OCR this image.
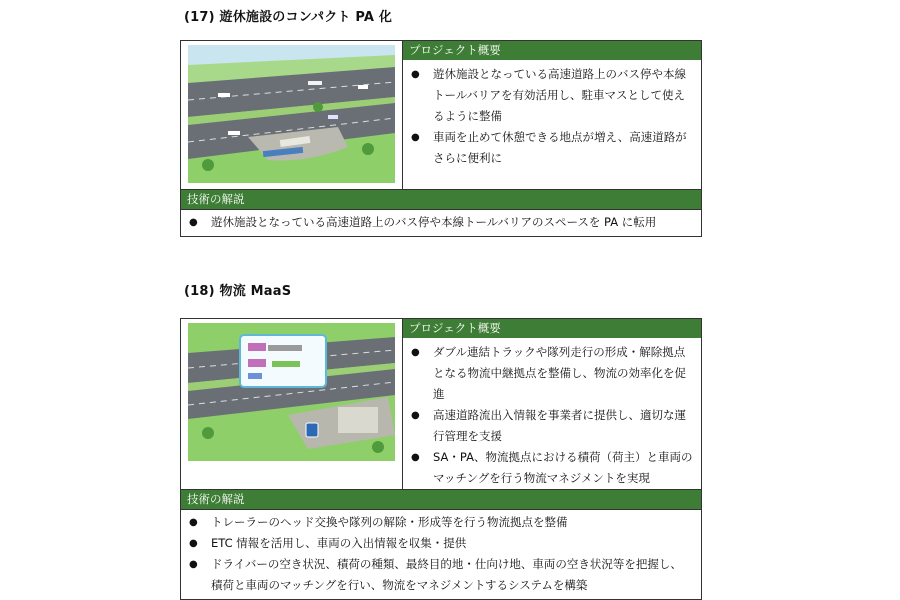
(17) 遊休施設のコンパクト PA 化
プロジェクト概要
● 遊休施設となっている高速道路上のバス停や本線トールバリアを有効活用し、駐車マスとして使えるように整備
● 車両を止めて休憩できる地点が増え、高速道路がさらに便利に
技術の解説
● 遊休施設となっている高速道路上のバス停や本線トールバリアのスペースを PA に転用
(18) 物流 MaaS
プロジェクト概要
● ダブル連結トラックや隊列走行の形成・解除拠点となる物流中継拠点を整備し、物流の効率化を促進
● 高速道路流出入情報を事業者に提供し、適切な運行管理を支援
● SA・PA、物流拠点における積荷（荷主）と車両のマッチングを行う物流マネジメントを実現
技術の解説
● トレーラーのヘッド交換や隊列の解除・形成等を行う物流拠点を整備
● ETC 情報を活用し、車両の入出情報を収集・提供
● ドライバーの空き状況、積荷の種類、最終目的地・仕向け地、車両の空き状況等を把握し、積荷と車両のマッチングを行い、物流をマネジメントするシステムを構築
